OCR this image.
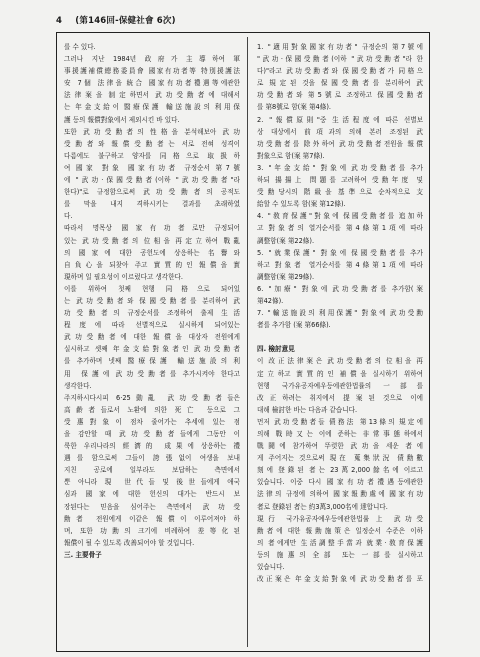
4 (第146回-保健社會 6次)
를 수 있다.
그러나 지난 1984년 政府가 主導하여 軍
事援護補償總務委員會 國家有功者等 特別援護法
安 7個 法律을 統合 國家有功者禮遇等에관한
法律案을 制定하면서 武功受勳者에 대해서
는 年金支給이 醫療保護 輸送施設의 利用保
護 등의 報償對象에서 제외시킨 바 있다.
또한 武功受勳者의 性格을 분석해보아 武功
受勳者와 報償受勳者는 서로 전혀 성격이
다름에도 불구하고 양자를 同格으로 取扱하
여 國家 對象 國家有功者 규정순서 第7號
에 "武功·保國受勳者(이하 "武功受勳者"라
한다)"로 규정함으로써 武功受勳者의 공적도
를 막을 내지 격하시키는 결과를 초래하였
다.
따라서 명목상 國家有功者로만 규정되어
있는 武功受勳者의 位相을 再定立하여 戰亂
의 國家에 대한 공헌도에 상응하는 名譽와
自負心을 되찾아 주고 實質的인 報償을 實
現하며 일 필요성이 이르렀다고 생각한다.
이를 위하여 첫째 현행 同格으로 되어있
는 武功受勳者와 保國受勳者를 분리하여 武
功受勳者의 규정순서를 조정하여 출제 生活
程度에 따라 선별적으로 실시하게 되어있는
武功受勳者에 대한 報償을 대상자 전원에게
실시하고 셋째 年金支給對象者인 武功受勳者
를 추가하며 넷째 醫療保護 輸送施設의 利
用 保護에 武功受勳者를 추가시켜야 한다고
생각한다.
주지하시다시피 6·25動亂 武功受勳者들은
高齡者들로서 노환에 의한 死亡 등으로 그
受惠對象이 점차 줄어가는 추세에 있는 점
을 감안할 때 武功受勳者들에게 그동안 이
룩한 우리나라의 經濟的 成果에 상응하는 禮
遇를 함으로써 그들이 誇張없이 여생을 보내
지친 공로에 일부라도 보답하는 측면에서
뿐 아니라 現 世代들 및 後世들에게 애국
심과 國家에 대한 헌신의 대가는 반드시 보
장된다는 믿음을 심어주는 측면에서 武功受
勳者 전원에게 이같은 報償이 이루어져야 하
며, 또한 功勳의 크기에 비례하여 差等化된
報償이 될 수 있도록 改善되어야 할 것입니다.
三. 主要骨子
1. "適用對象國家有功者" 규정순의 第7號에
"武功·保國受勳者(이하 "武功受勳者"라 한
다)"라고 武功受勳者와 保國受勳者가 同格으
로 規定된 것을 保國受勳者를 분리하여 武
功受勳者와 第5號로 조정하고 保國受勳者
를 第8號로 함(案 第4條).
2. "報償原則"중 生活程度에 따른 선별보
상 대상에서 前項과의 의해 본러 조정된 武
功受勳者를 除外하여 武功受勳者전원을 報償
對象으로 함(案 第7條).
3. "年金支給" 對象에 武功受勳者를 추가
하되 揚揚上 問題를 고려하여 受勳年度 및
受勳당시의 階級을 基準으로 순차적으로 支
給할 수 있도록 함(案 第12條).
4. "敎育保護"對象에 保國受勳者를 追加하
고 對象者의 열거순서를 第4條第1項에 따라
調整함(案 第22條).
5. "就業保護" 對象에 保國受勳者를 추가
하고 對象者 열거순서를 第4條第1項에 따라
調整함(案 第29條).
6. "加療" 對象에 武功受勳者를 추가함(案
第42條).
7. "輸送施設의 利用保護" 對象에 武功受勳
者를 추가함 (案 第66條).

四. 檢討意見
이 改正法律案은 武功受勳者의 位相을 再
定立하고 實質的인 補償을 실시하기 위하여
현행 국가유공자예우등에관한법률의 一部를
改正하려는 취지에서 提案된 것으로 이에
대해 檢討한 바는 다음과 같습니다.
먼저 武功受勳者들 債務法 第13條의 規定에
의해 戰時又는 이에 준하는 非常事態하에서
戰鬪에 참가하여 뚜렷한 武功을 세운 者에
게 주어지는 것으로써 現在 蒐集狀況 債勳數
刻에 登錄된 者는 23萬2,000餘名에 이르고
있습니다. 이중 다시 國家有功者禮遇등에관한
法律의 규정에 의하여 國家報勳處에 國家有功
者로 登錄된 者는 約3萬3,000名에 達합니다.
現行 국가유공자예우등에관한법률 上 武功受
勳者에 대한 報勳施策은 일정순서 수준은 이하
의 者에게만 生活調整手當과 就業·敎育保護
등의 施惠의 全部 또는 一部를 실시하고
있습니다.
改正案은 年金支給對象에 武功受勳者를 포
